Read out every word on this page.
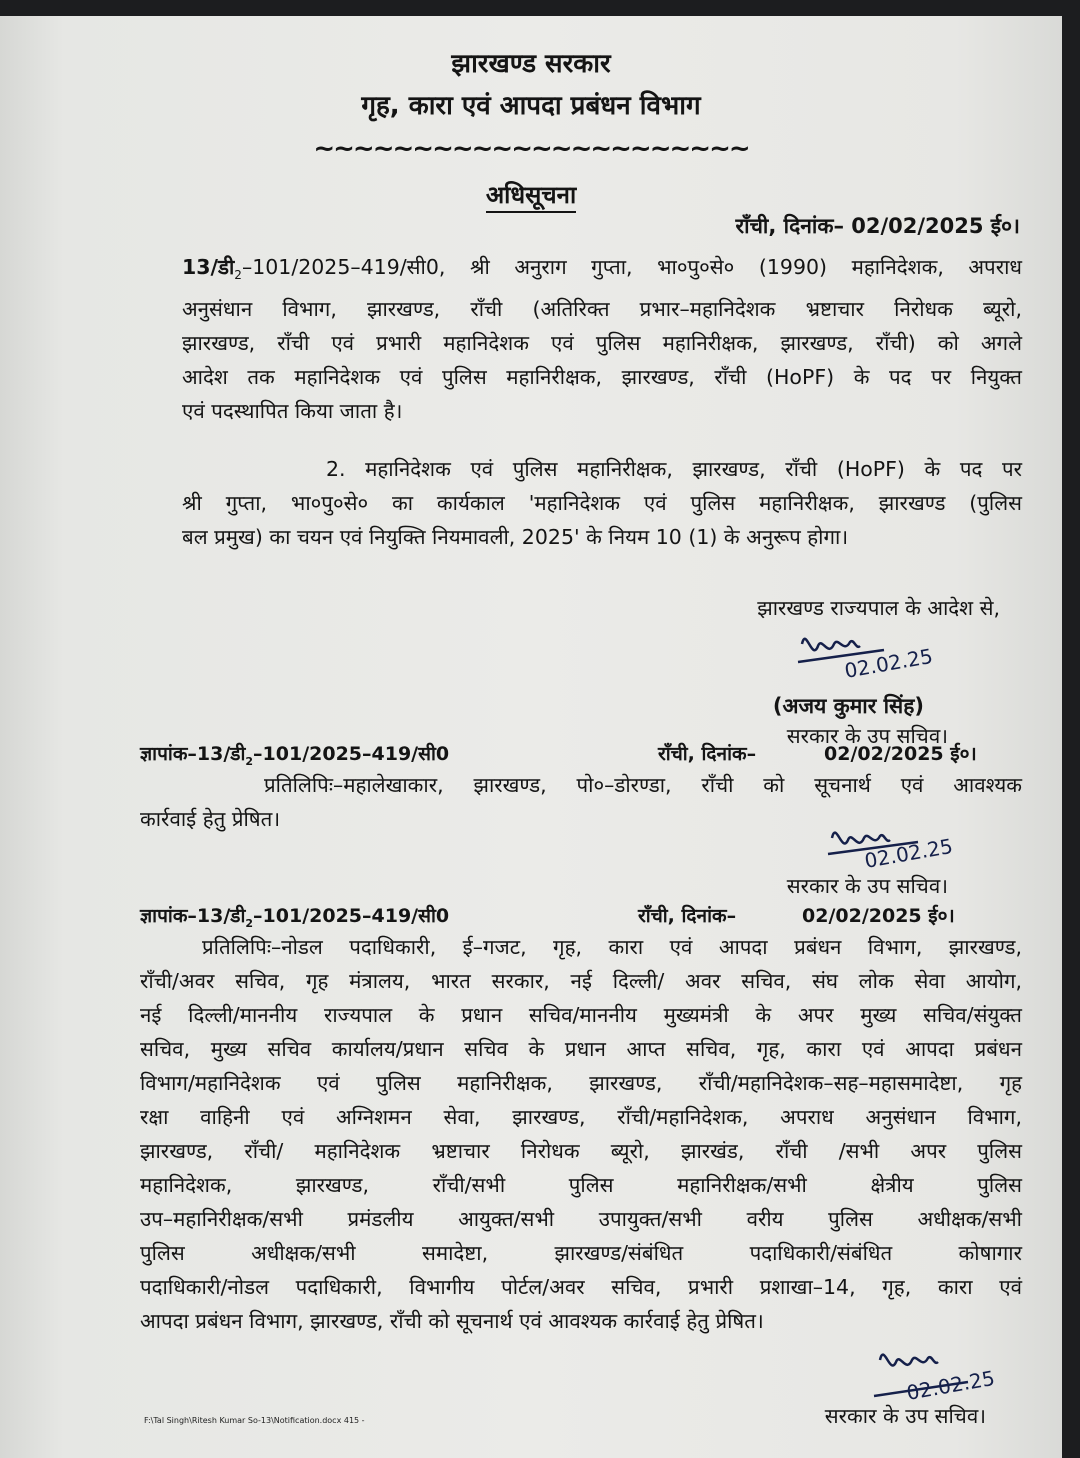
झारखण्ड सरकार
गृह, कारा एवं आपदा प्रबंधन विभाग
~~~~~~~~~~~~~~~~~~~~~~
अधिसूचना
राँची, दिनांक– 02/02/2025 ई०।
$13/डी_2-101/2025-419/सी0$, श्री अनुराग गुप्ता, भा०पु०से० (1990) महानिदेशक, अपराध
अनुसंधान विभाग, झारखण्ड, राँची (अतिरिक्त प्रभार–महानिदेशक भ्रष्टाचार निरोधक ब्यूरो,
झारखण्ड, राँची एवं प्रभारी महानिदेशक एवं पुलिस महानिरीक्षक, झारखण्ड, राँची) को अगले
आदेश तक महानिदेशक एवं पुलिस महानिरीक्षक, झारखण्ड, राँची (HoPF) के पद पर नियुक्त
एवं पदस्थापित किया जाता है।
2. महानिदेशक एवं पुलिस महानिरीक्षक, झारखण्ड, राँची (HoPF) के पद पर
श्री गुप्ता, भा०पु०से० का कार्यकाल 'महानिदेशक एवं पुलिस महानिरीक्षक, झारखण्ड (पुलिस
बल प्रमुख) का चयन एवं नियुक्ति नियमावली, 2025' के नियम 10 (1) के अनुरूप होगा।
झारखण्ड राज्यपाल के आदेश से,
02.02.25
(अजय कुमार सिंह)
सरकार के उप सचिव।
$ज्ञापांक-13/डी_2-101/2025-419/सी0$	राँची, दिनांक–	02/02/2025 ई०।
प्रतिलिपिः–महालेखाकार, झारखण्ड, पो०–डोरण्डा, राँची को सूचनार्थ एवं आवश्यक
कार्रवाई हेतु प्रेषित।
02.02.25
सरकार के उप सचिव।
$ज्ञापांक-13/डी_2-101/2025-419/सी0$	राँची, दिनांक–	02/02/2025 ई०।
प्रतिलिपिः–नोडल पदाधिकारी, ई–गजट, गृह, कारा एवं आपदा प्रबंधन विभाग, झारखण्ड,
राँची/अवर सचिव, गृह मंत्रालय, भारत सरकार, नई दिल्ली/ अवर सचिव, संघ लोक सेवा आयोग,
नई दिल्ली/माननीय राज्यपाल के प्रधान सचिव/माननीय मुख्यमंत्री के अपर मुख्य सचिव/संयुक्त
सचिव, मुख्य सचिव कार्यालय/प्रधान सचिव के प्रधान आप्त सचिव, गृह, कारा एवं आपदा प्रबंधन
विभाग/महानिदेशक एवं पुलिस महानिरीक्षक, झारखण्ड, राँची/महानिदेशक–सह–महासमादेष्टा, गृह
रक्षा वाहिनी एवं अग्निशमन सेवा, झारखण्ड, राँची/महानिदेशक, अपराध अनुसंधान विभाग,
झारखण्ड, राँची/ महानिदेशक भ्रष्टाचार निरोधक ब्यूरो, झारखंड, राँची /सभी अपर पुलिस
महानिदेशक, झारखण्ड, राँची/सभी पुलिस महानिरीक्षक/सभी क्षेत्रीय पुलिस
उप–महानिरीक्षक/सभी प्रमंडलीय आयुक्त/सभी उपायुक्त/सभी वरीय पुलिस अधीक्षक/सभी
पुलिस अधीक्षक/सभी समादेष्टा, झारखण्ड/संबंधित पदाधिकारी/संबंधित कोषागार
पदाधिकारी/नोडल पदाधिकारी, विभागीय पोर्टल/अवर सचिव, प्रभारी प्रशाखा–14, गृह, कारा एवं
आपदा प्रबंधन विभाग, झारखण्ड, राँची को सूचनार्थ एवं आवश्यक कार्रवाई हेतु प्रेषित।
02.02.25
सरकार के उप सचिव।
F:\Tal Singh\Ritesh Kumar So-13\Notification.docx 415 -
